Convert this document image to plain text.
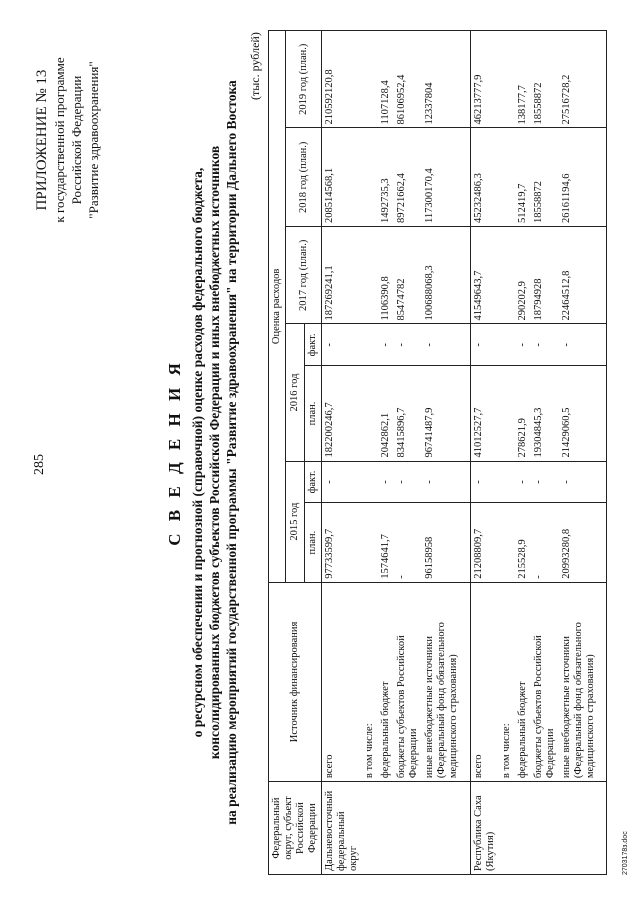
285
ПРИЛОЖЕНИЕ № 13 к государственной программе Российской Федерации "Развитие здравоохранения"
С В Е Д Е Н И Я о ресурсном обеспечении и прогнозной (справочной) оценке расходов федерального бюджета, консолидированных бюджетов субъектов Российской Федерации и иных внебюджетных источников на реализацию мероприятий государственной программы "Развитие здравоохранения" на территории Дальнего Востока
(тыс. рублей)
Федеральный округ, субъект Российской Федерации	Источник финансирования	Оценка расходов						
		2015 год		2016 год		2017 год (план.)	2018 год (план.)	2019 год (план.)
		план.	факт.	план.	факт.			
Дальневосточный федеральный округ	всего	97733599,7	-	182200246,7	-	187269241,1	208514568,1	210592120,8
	в том числе:							
	федеральный бюджет	1574641,7	-	2042862,1	-	1106390,8	1492735,3	1107128,4
	бюджеты субъектов Российской Федерации	-	-	83415896,7	-	85474782	89721662,4	86106952,4
	иные внебюджетные источники (Федеральный фонд обязательного медицинского страхования)	96158958	-	96741487,9	-	100688068,3	117300170,4	12337804
Республика Саха (Якутия)	всего	21208809,7	-	41012527,7	-	41549643,7	45232486,3	46213777,9
	в том числе:							
	федеральный бюджет	215528,9	-	278621,9	-	290202,9	512419,7	138177,7
	бюджеты субъектов Российской Федерации	-	-	19304845,3	-	18794928	18558872	18558872
	иные внебюджетные источники (Федеральный фонд обязательного медицинского страхования)	20993280,8	-	21429060,5	-	22464512,8	26161194,6	27516728,2
2703178з.doc
